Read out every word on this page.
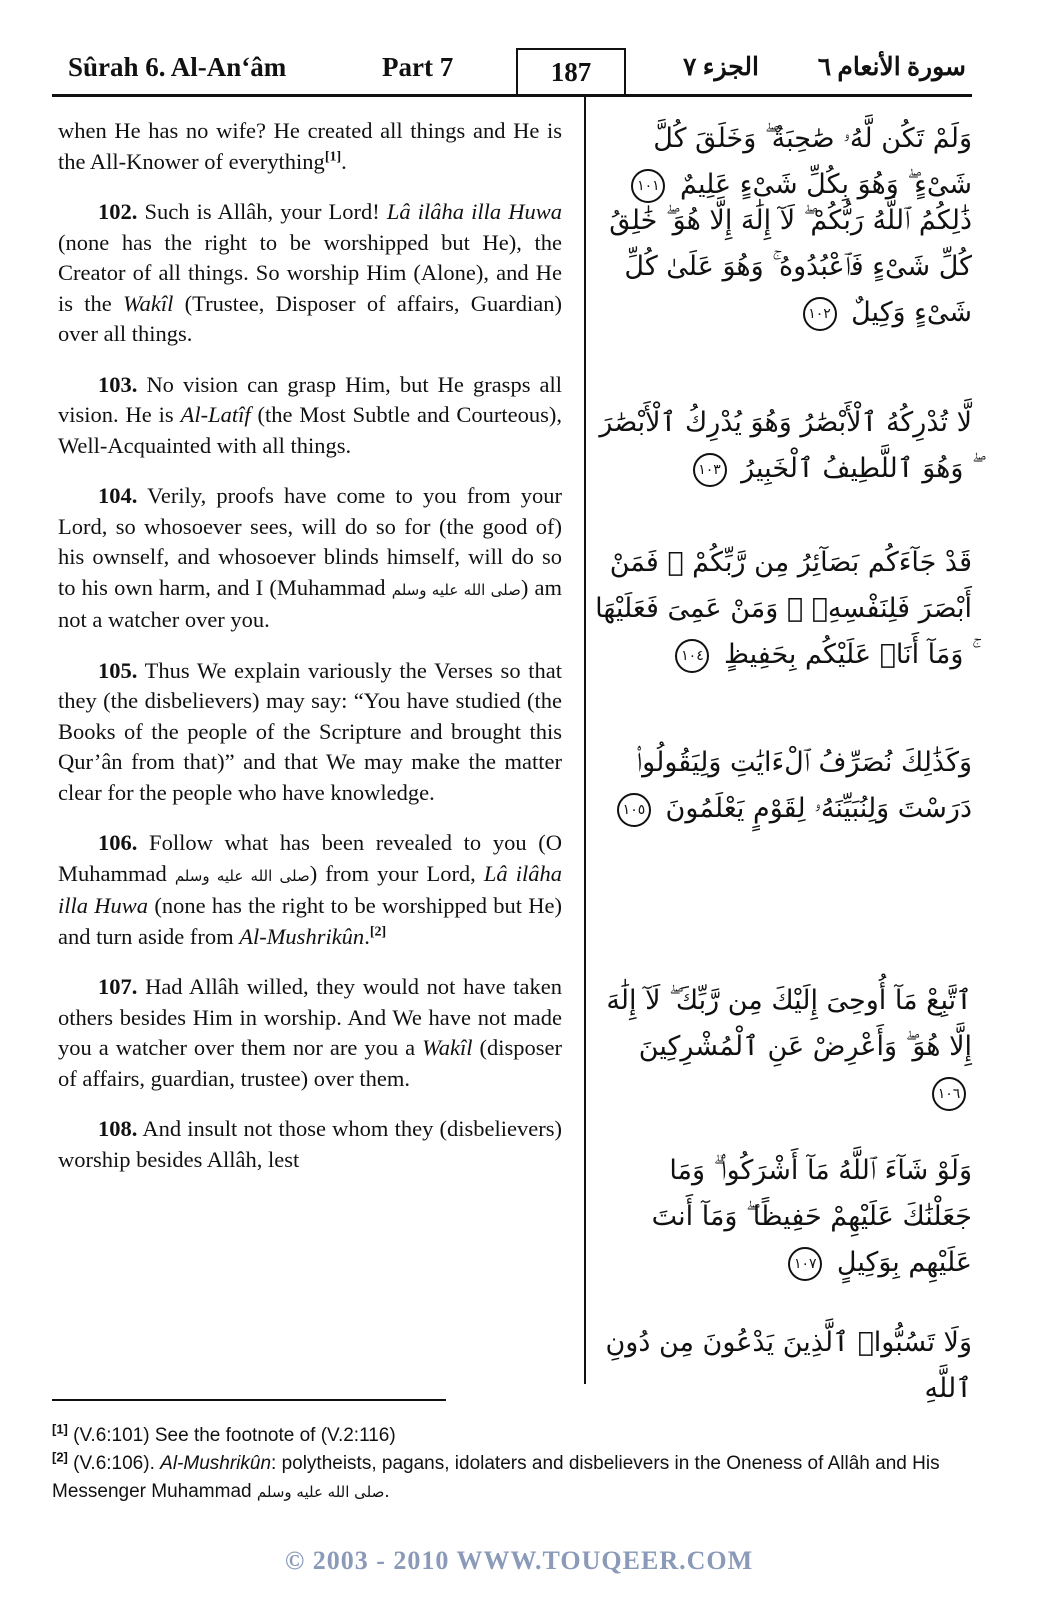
Sûrah 6. Al-An‘âm	Part 7	187	الجزء ٧	سورة الأنعام ٦

when He has no wife? He created all things and He is the All-Knower of everything[1].

102. Such is Allâh, your Lord! Lâ ilâha illa Huwa (none has the right to be worshipped but He), the Creator of all things. So worship Him (Alone), and He is the Wakîl (Trustee, Disposer of affairs, Guardian) over all things.

103. No vision can grasp Him, but He grasps all vision. He is Al-Latîf (the Most Subtle and Courteous), Well-Acquainted with all things.

104. Verily, proofs have come to you from your Lord, so whosoever sees, will do so for (the good of) his ownself, and whosoever blinds himself, will do so to his own harm, and I (Muhammad صلى الله عليه وسلم) am not a watcher over you.

105. Thus We explain variously the Verses so that they (the disbelievers) may say: “You have studied (the Books of the people of the Scripture and brought this Qur’ân from that)” and that We may make the matter clear for the people who have knowledge.

106. Follow what has been revealed to you (O Muhammad صلى الله عليه وسلم) from your Lord, Lâ ilâha illa Huwa (none has the right to be worshipped but He) and turn aside from Al-Mushrikûn.[2]

107. Had Allâh willed, they would not have taken others besides Him in worship. And We have not made you a watcher over them nor are you a Wakîl (disposer of affairs, guardian, trustee) over them.

108. And insult not those whom they (disbelievers) worship besides Allâh, lest

وَلَمْ تَكُن لَّهُۥ صَٰحِبَةٌ ۖ وَخَلَقَ كُلَّ شَىْءٍ ۖ وَهُوَ بِكُلِّ شَىْءٍ عَلِيمٌ ١٠١
ذَٰلِكُمُ ٱللَّهُ رَبُّكُمْ ۖ لَآ إِلَٰهَ إِلَّا هُوَ ۖ خَٰلِقُ كُلِّ شَىْءٍ فَٱعْبُدُوهُ ۚ وَهُوَ عَلَىٰ كُلِّ شَىْءٍ وَكِيلٌ ١٠٢
لَّا تُدْرِكُهُ ٱلْأَبْصَٰرُ وَهُوَ يُدْرِكُ ٱلْأَبْصَٰرَ ۖ وَهُوَ ٱللَّطِيفُ ٱلْخَبِيرُ ١٠٣
قَدْ جَآءَكُم بَصَآئِرُ مِن رَّبِّكُمْ ۖ فَمَنْ أَبْصَرَ فَلِنَفْسِهِۦ ۖ وَمَنْ عَمِىَ فَعَلَيْهَا ۚ وَمَآ أَنَا۠ عَلَيْكُم بِحَفِيظٍ ١٠٤
وَكَذَٰلِكَ نُصَرِّفُ ٱلْءَايَٰتِ وَلِيَقُولُوا۟ دَرَسْتَ وَلِنُبَيِّنَهُۥ لِقَوْمٍ يَعْلَمُونَ ١٠٥
ٱتَّبِعْ مَآ أُوحِىَ إِلَيْكَ مِن رَّبِّكَ ۖ لَآ إِلَٰهَ إِلَّا هُوَ ۖ وَأَعْرِضْ عَنِ ٱلْمُشْرِكِينَ ١٠٦
وَلَوْ شَآءَ ٱللَّهُ مَآ أَشْرَكُوا۟ ۗ وَمَا جَعَلْنَٰكَ عَلَيْهِمْ حَفِيظًا ۖ وَمَآ أَنتَ عَلَيْهِم بِوَكِيلٍ ١٠٧
وَلَا تَسُبُّوا۟ ٱلَّذِينَ يَدْعُونَ مِن دُونِ ٱللَّهِ

[1] (V.6:101) See the footnote of (V.2:116)

[2] (V.6:106). Al-Mushrikûn: polytheists, pagans, idolaters and disbelievers in the Oneness of Allâh and His Messenger Muhammad صلى الله عليه وسلم.

© 2003 - 2010 WWW.TOUQEER.COM
